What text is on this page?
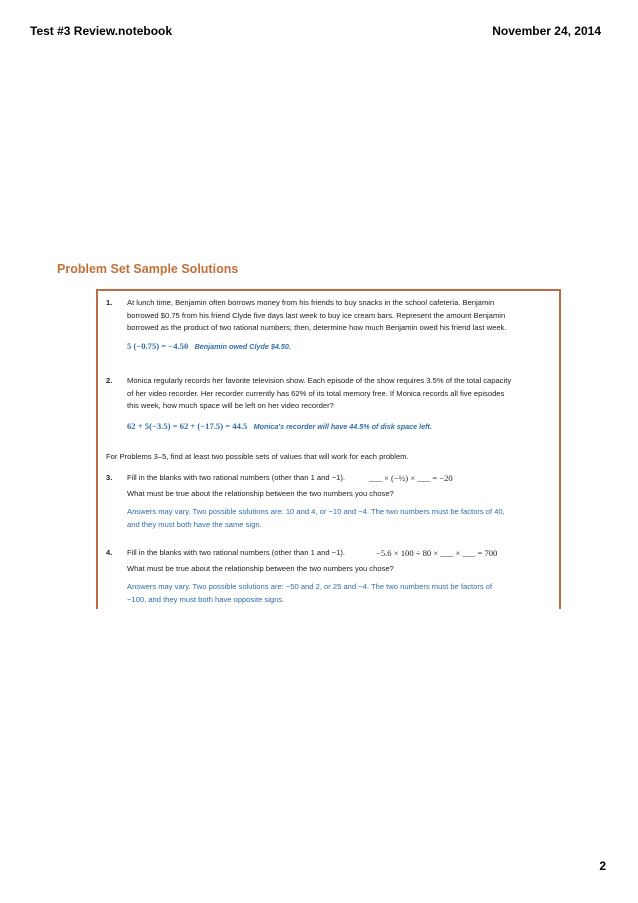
Test #3 Review.notebook	November 24, 2014
Problem Set Sample Solutions
1. At lunch time, Benjamin often borrows money from his friends to buy snacks in the school cafeteria. Benjamin
borrowed $0.75 from his friend Clyde five days last week to buy ice cream bars. Represent the amount Benjamin
borrowed as the product of two rational numbers; then, determine how much Benjamin owed his friend last week.
5 (−0.75) = −4.50 Benjamin owed Clyde $4.50.
2. Monica regularly records her favorite television show. Each episode of the show requires 3.5% of the total capacity
of her video recorder. Her recorder currently has 62% of its total memory free. If Monica records all five episodes
this week, how much space will be left on her video recorder?
62 + 5(−3.5) = 62 + (−17.5) = 44.5 Monica's recorder will have 44.5% of disk space left.
For Problems 3–5, find at least two possible sets of values that will work for each problem.
3. Fill in the blanks with two rational numbers (other than 1 and −1).	___ × (−½) × ___ = −20
What must be true about the relationship between the two numbers you chose?
Answers may vary. Two possible solutions are: 10 and 4, or −10 and −4. The two numbers must be factors of 40,
and they must both have the same sign.
4. Fill in the blanks with two rational numbers (other than 1 and −1).	−5.6 × 100 ÷ 80 × ___ × ___ = 700
What must be true about the relationship between the two numbers you chose?
Answers may vary. Two possible solutions are: −50 and 2, or 25 and −4. The two numbers must be factors of
−100, and they must both have opposite signs.
2
